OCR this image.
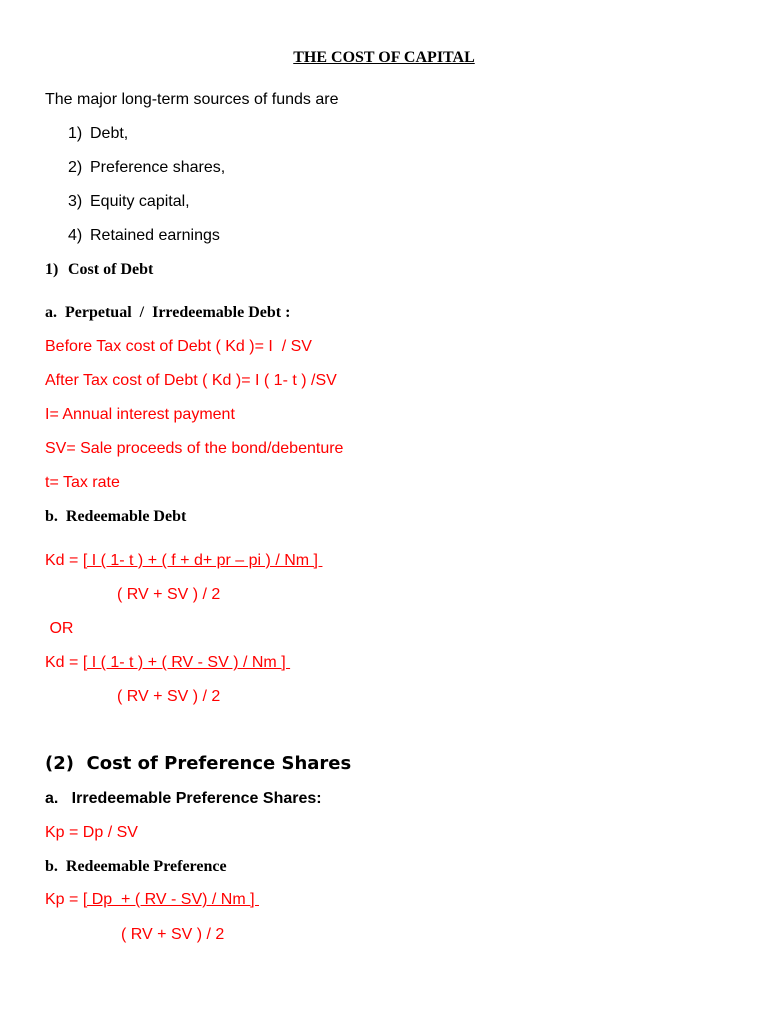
THE COST OF CAPITAL
The major long-term sources of funds are
1) Debt,
2) Preference shares,
3) Equity capital,
4) Retained earnings
1) Cost of Debt
a.  Perpetual  /  Irredeemable Debt :
Before Tax cost of Debt ( Kd )= I  / SV
After Tax cost of Debt ( Kd )= I ( 1- t ) /SV
I= Annual interest payment
SV= Sale proceeds of the bond/debenture
t= Tax rate
b.  Redeemable Debt
Kd = [ I ( 1- t ) + ( f + d+ pr – pi ) / Nm ]
( RV + SV ) / 2
OR
Kd = [ I ( 1- t ) + ( RV - SV ) / Nm ]
( RV + SV ) / 2
(2)  Cost of Preference Shares
a.   Irredeemable Preference Shares:
Kp = Dp / SV
b.  Redeemable Preference
Kp = [ Dp  + ( RV - SV) / Nm ]
( RV + SV ) / 2
